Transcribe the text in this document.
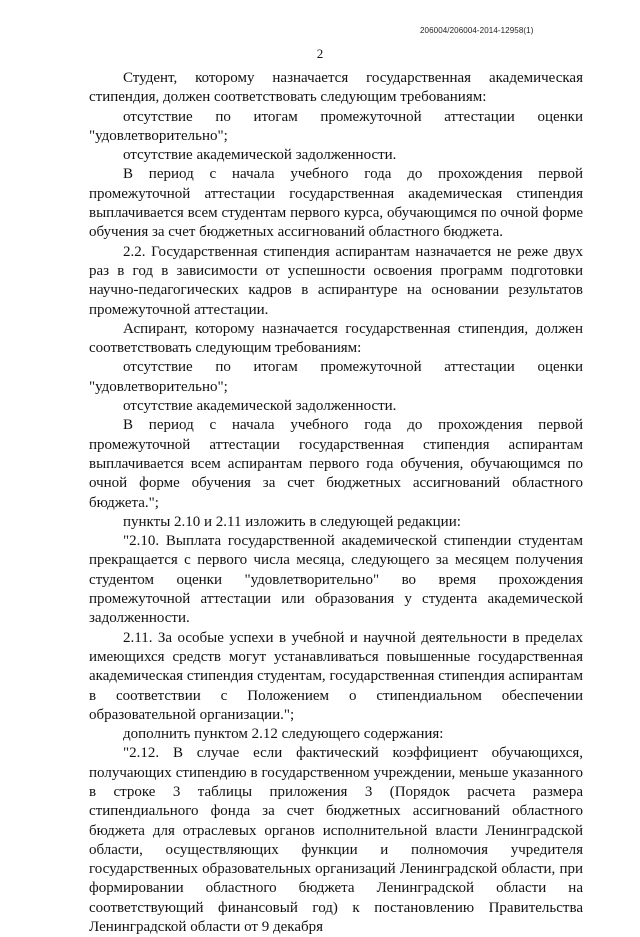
206004/206004-2014-12958(1)
2

Студент, которому назначается государственная академическая стипендия, должен соответствовать следующим требованиям:

отсутствие по итогам промежуточной аттестации оценки "удовлетворительно";

отсутствие академической задолженности.

В период с начала учебного года до прохождения первой промежуточной аттестации государственная академическая стипендия выплачивается всем студентам первого курса, обучающимся по очной форме обучения за счет бюджетных ассигнований областного бюджета.

2.2. Государственная стипендия аспирантам назначается не реже двух раз в год в зависимости от успешности освоения программ подготовки научно-педагогических кадров в аспирантуре на основании результатов промежуточной аттестации.

Аспирант, которому назначается государственная стипендия, должен соответствовать следующим требованиям:

отсутствие по итогам промежуточной аттестации оценки "удовлетворительно";

отсутствие академической задолженности.

В период с начала учебного года до прохождения первой промежуточной аттестации государственная стипендия аспирантам выплачивается всем аспирантам первого года обучения, обучающимся по очной форме обучения за счет бюджетных ассигнований областного бюджета.";

пункты 2.10 и 2.11 изложить в следующей редакции:

"2.10. Выплата государственной академической стипендии студентам прекращается с первого числа месяца, следующего за месяцем получения студентом оценки "удовлетворительно" во время прохождения промежуточной аттестации или образования у студента академической задолженности.

2.11. За особые успехи в учебной и научной деятельности в пределах имеющихся средств могут устанавливаться повышенные государственная академическая стипендия студентам, государственная стипендия аспирантам в соответствии с Положением о стипендиальном обеспечении образовательной организации.";

дополнить пунктом 2.12 следующего содержания:

"2.12. В случае если фактический коэффициент обучающихся, получающих стипендию в государственном учреждении, меньше указанного в строке 3 таблицы приложения 3 (Порядок расчета размера стипендиального фонда за счет бюджетных ассигнований областного бюджета для отраслевых органов исполнительной власти Ленинградской области, осуществляющих функции и полномочия учредителя государственных образовательных организаций Ленинградской области, при формировании областного бюджета Ленинградской области на соответствующий финансовый год) к постановлению Правительства Ленинградской области от 9 декабря
